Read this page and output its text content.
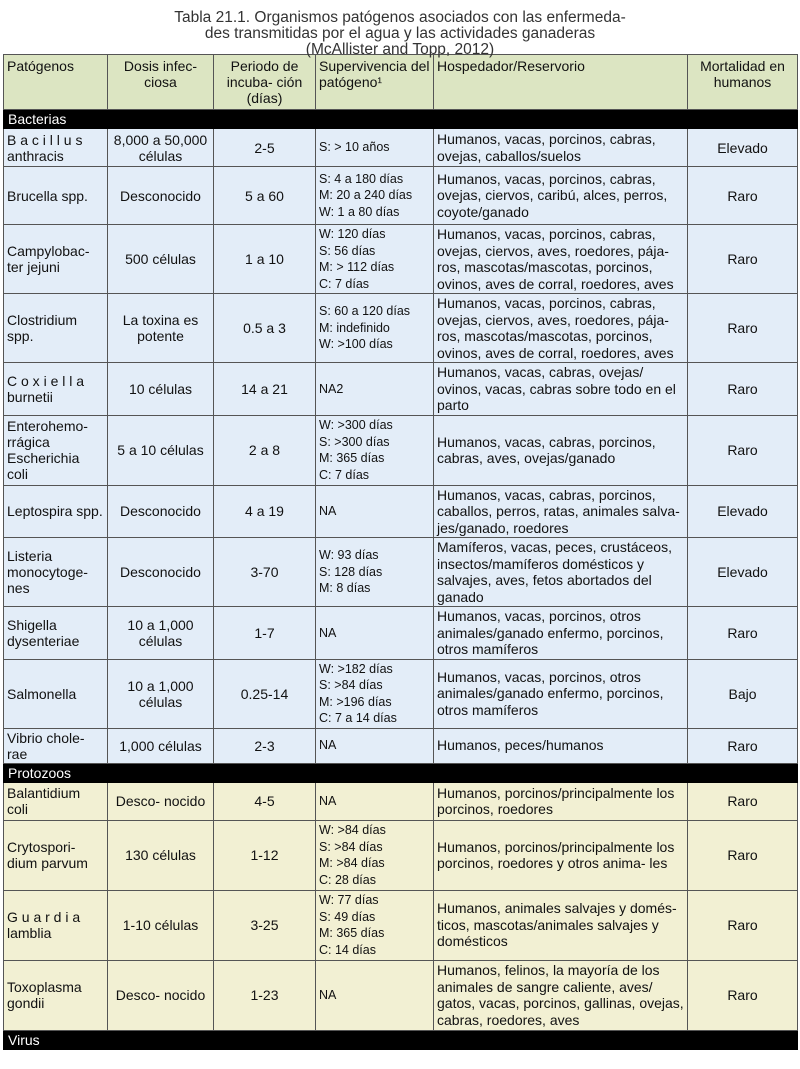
Tabla 21.1. Organismos patógenos asociados con las enfermeda-
des transmitidas por el agua y las actividades ganaderas
(McAllister and Topp, 2012)
Patógenos	Dosis infec- ciosa	Periodo de incuba- ción (días)	Supervivencia del patógeno¹	Hospedador/Reservorio	Mortalidad en humanos
Bacterias					
B a c i l l u s anthracis	8,000 a 50,000 células	2-5	S: > 10 años	Humanos, vacas, porcinos, cabras, ovejas, caballos/suelos	Elevado
Brucella spp.	Desconocido	5 a 60	S: 4 a 180 días
M: 20 a 240 días
W: 1 a 80 días	Humanos, vacas, porcinos, cabras, ovejas, ciervos, caribú, alces, perros, coyote/ganado	Raro
Campylobac- ter jejuni	500 células	1 a 10	W: 120 días
S: 56 días
M: > 112 días
C: 7 días	Humanos, vacas, porcinos, cabras, ovejas, ciervos, aves, roedores, pája- ros, mascotas/mascotas, porcinos, ovinos, aves de corral, roedores, aves	Raro
Clostridium spp.	La toxina es potente	0.5 a 3	S: 60 a 120 días
M: indefinido
W: >100 días	Humanos, vacas, porcinos, cabras, ovejas, ciervos, aves, roedores, pája- ros, mascotas/mascotas, porcinos, ovinos, aves de corral, roedores, aves	Raro
C o x i e l l a burnetii	10 células	14 a 21	NA2	Humanos, vacas, cabras, ovejas/ ovinos, vacas, cabras sobre todo en el parto	Raro
Enterohemo- rrágica Escherichia coli	5 a 10 células	2 a 8	W: >300 días
S: >300 días
M: 365 días
C: 7 días	Humanos, vacas, cabras, porcinos, cabras, aves, ovejas/ganado	Raro
Leptospira spp.	Desconocido	4 a 19	NA	Humanos, vacas, cabras, porcinos, caballos, perros, ratas, animales salva- jes/ganado, roedores	Elevado
Listeria monocytoge- nes	Desconocido	3-70	W: 93 días
S: 128 días
M: 8 días	Mamíferos, vacas, peces, crustáceos, insectos/mamíferos domésticos y salvajes, aves, fetos abortados del ganado	Elevado
Shigella dysenteriae	10 a 1,000 células	1-7	NA	Humanos, vacas, porcinos, otros animales/ganado enfermo, porcinos, otros mamíferos	Raro
Salmonella	10 a 1,000 células	0.25-14	W: >182 días
S: >84 días
M: >196 días
C: 7 a 14 días	Humanos, vacas, porcinos, otros animales/ganado enfermo, porcinos, otros mamíferos	Bajo
Vibrio chole- rae	1,000 células	2-3	NA	Humanos, peces/humanos	Raro
Protozoos					
Balantidium coli	Desco- nocido	4-5	NA	Humanos, porcinos/principalmente los porcinos, roedores	Raro
Crytospori- dium parvum	130 células	1-12	W: >84 días
S: >84 días
M: >84 días
C: 28 días	Humanos, porcinos/principalmente los porcinos, roedores y otros anima- les	Raro
G u a r d i a lamblia	1-10 células	3-25	W: 77 días
S: 49 días
M: 365 días
C: 14 días	Humanos, animales salvajes y domés- ticos, mascotas/animales salvajes y domésticos	Raro
Toxoplasma gondii	Desco- nocido	1-23	NA	Humanos, felinos, la mayoría de los animales de sangre caliente, aves/ gatos, vacas, porcinos, gallinas, ovejas, cabras, roedores, aves	Raro
Virus					
